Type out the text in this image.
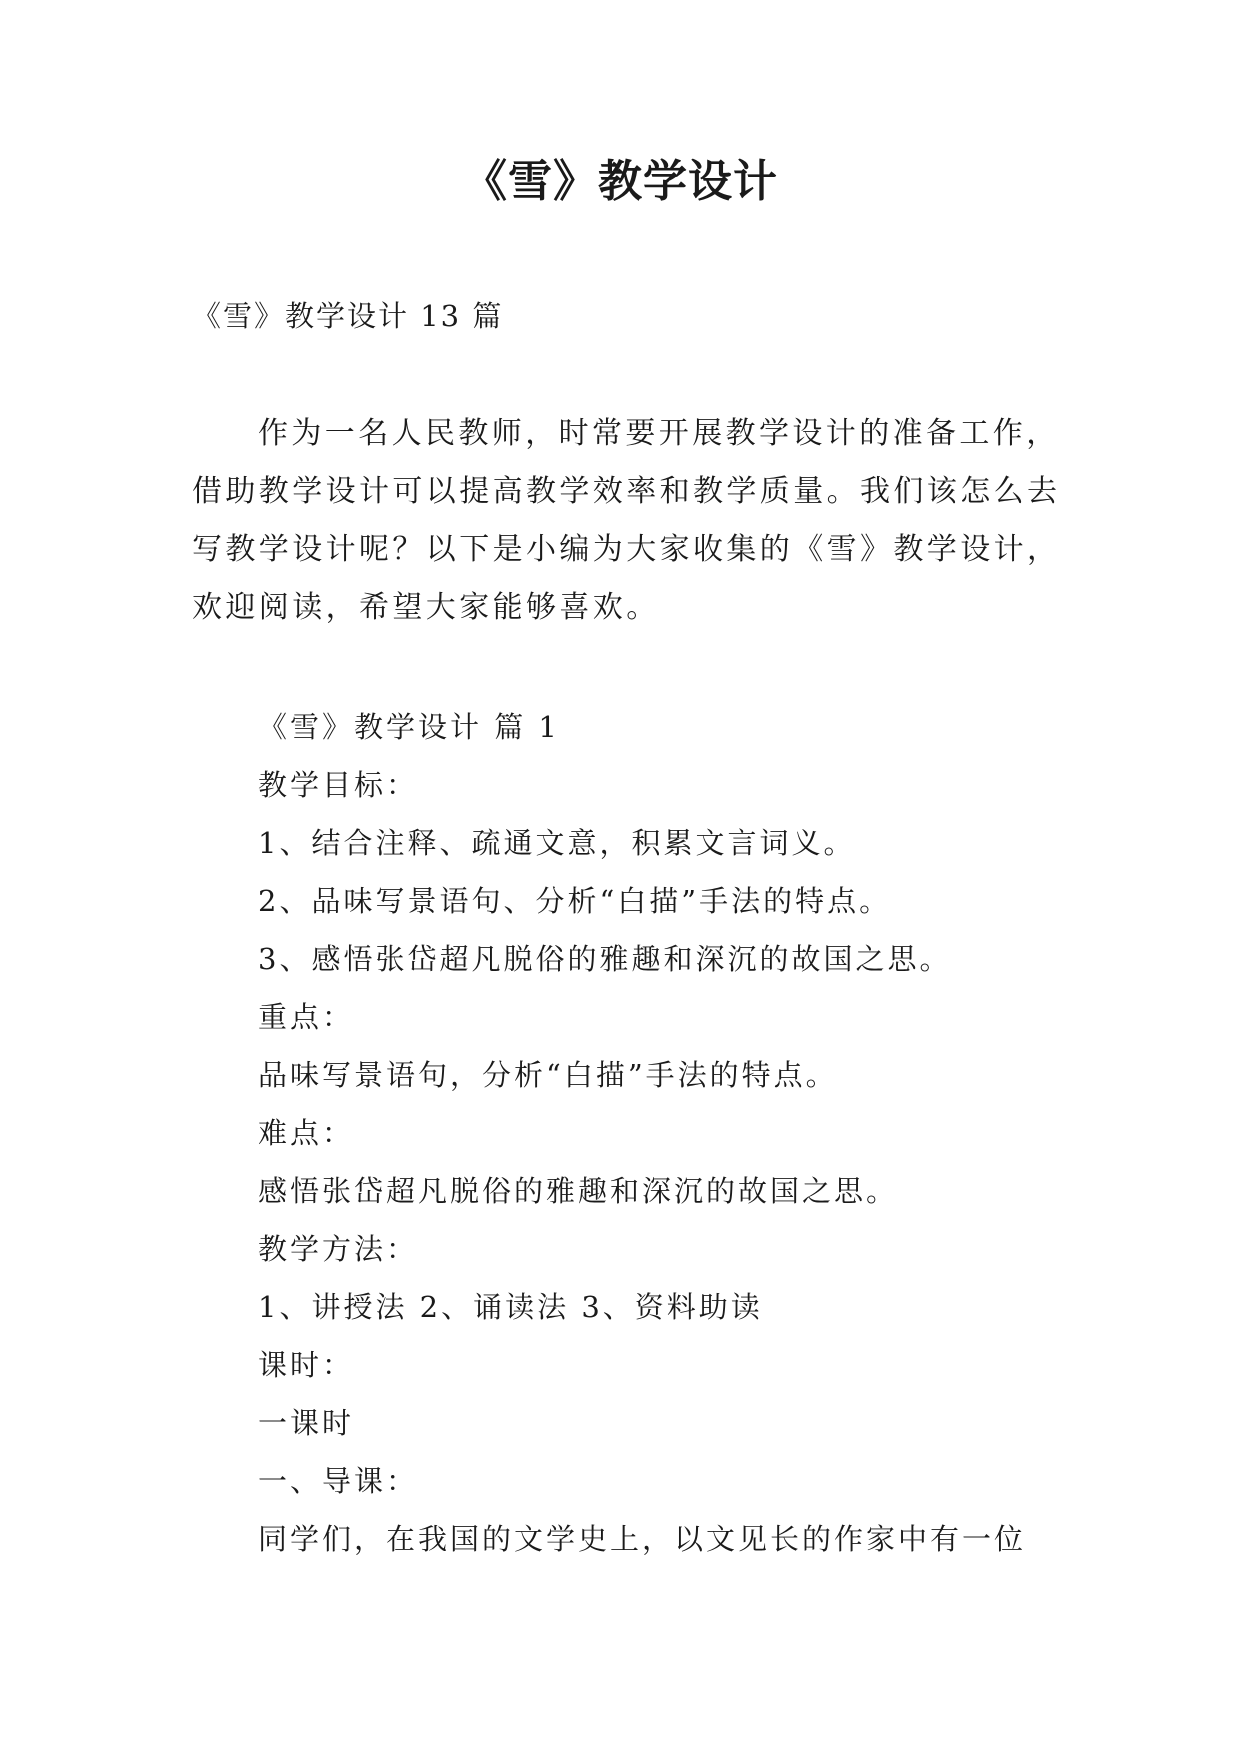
《雪》教学设计

《雪》教学设计 13 篇

作为一名人民教师，时常要开展教学设计的准备工作，借助教学设计可以提高教学效率和教学质量。我们该怎么去写教学设计呢？以下是小编为大家收集的《雪》教学设计，欢迎阅读，希望大家能够喜欢。

《雪》教学设计 篇 1
教学目标：
1、结合注释、疏通文意，积累文言词义。
2、品味写景语句、分析“白描”手法的特点。
3、感悟张岱超凡脱俗的雅趣和深沉的故国之思。
重点：
品味写景语句，分析“白描”手法的特点。
难点：
感悟张岱超凡脱俗的雅趣和深沉的故国之思。
教学方法：
1、讲授法 2、诵读法 3、资料助读
课时：
一课时
一、导课：
同学们，在我国的文学史上，以文见长的作家中有一位
